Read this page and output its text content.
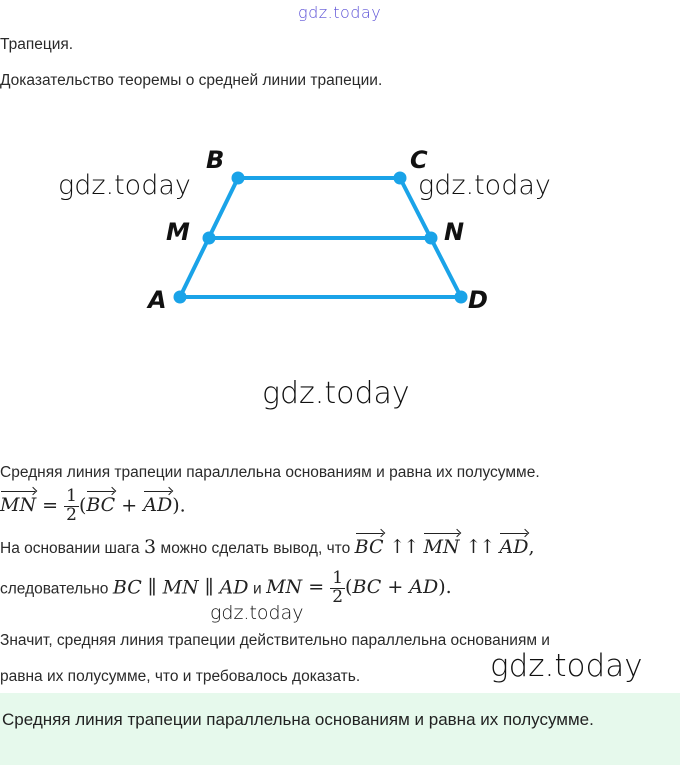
gdz.today
Трапеция.
Доказательство теоремы о средней линии трапеции.
B	C
M	N
A	D
gdz.today	gdz.today
gdz.today
Средняя линия трапеции параллельна основаниям и равна их полусумме.
MN = $\frac{1}{2} (BC + AD)$.
На основании шага 3 можно сделать вывод, что BC ↑↑ MN ↑↑ AD,
следовательно BC ∥ MN ∥ AD и MN = $\frac{1}{2} (BC + AD)$.
gdz.today
Значит, средняя линия трапеции действительно параллельна основаниям и
равна их полусумме, что и требовалось доказать.	gdz.today
Средняя линия трапеции параллельна основаниям и равна их полусумме.
